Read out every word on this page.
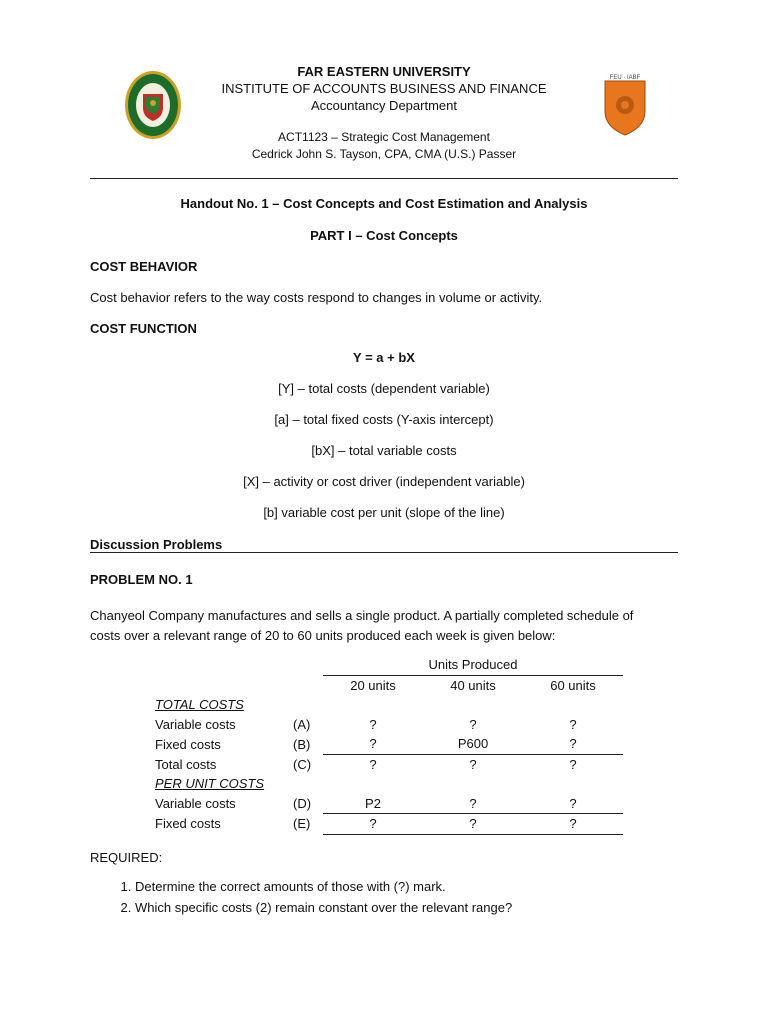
FEU · IABF
FAR EASTERN UNIVERSITY
INSTITUTE OF ACCOUNTS BUSINESS AND FINANCE
Accountancy Department
ACT1123 – Strategic Cost Management
Cedrick John S. Tayson, CPA, CMA (U.S.) Passer
Handout No. 1 – Cost Concepts and Cost Estimation and Analysis
PART I – Cost Concepts
COST BEHAVIOR
Cost behavior refers to the way costs respond to changes in volume or activity.
COST FUNCTION
Y = a + bX
[Y] – total costs (dependent variable)
[a] – total fixed costs (Y-axis intercept)
[bX] – total variable costs
[X] – activity or cost driver (independent variable)
[b] variable cost per unit (slope of the line)
Discussion Problems
PROBLEM NO. 1
Chanyeol Company manufactures and sells a single product. A partially completed schedule of
costs over a relevant range of 20 to 60 units produced each week is given below:
		Units Produced		
		20 units	40 units	60 units
TOTAL COSTS				
Variable costs	(A)	?	?	?
Fixed costs	(B)	?	P600	?
Total costs	(C)	?	?	?
PER UNIT COSTS				
Variable costs	(D)	P2	?	?
Fixed costs	(E)	?	?	?
REQUIRED:
1. Determine the correct amounts of those with (?) mark.
2. Which specific costs (2) remain constant over the relevant range?
